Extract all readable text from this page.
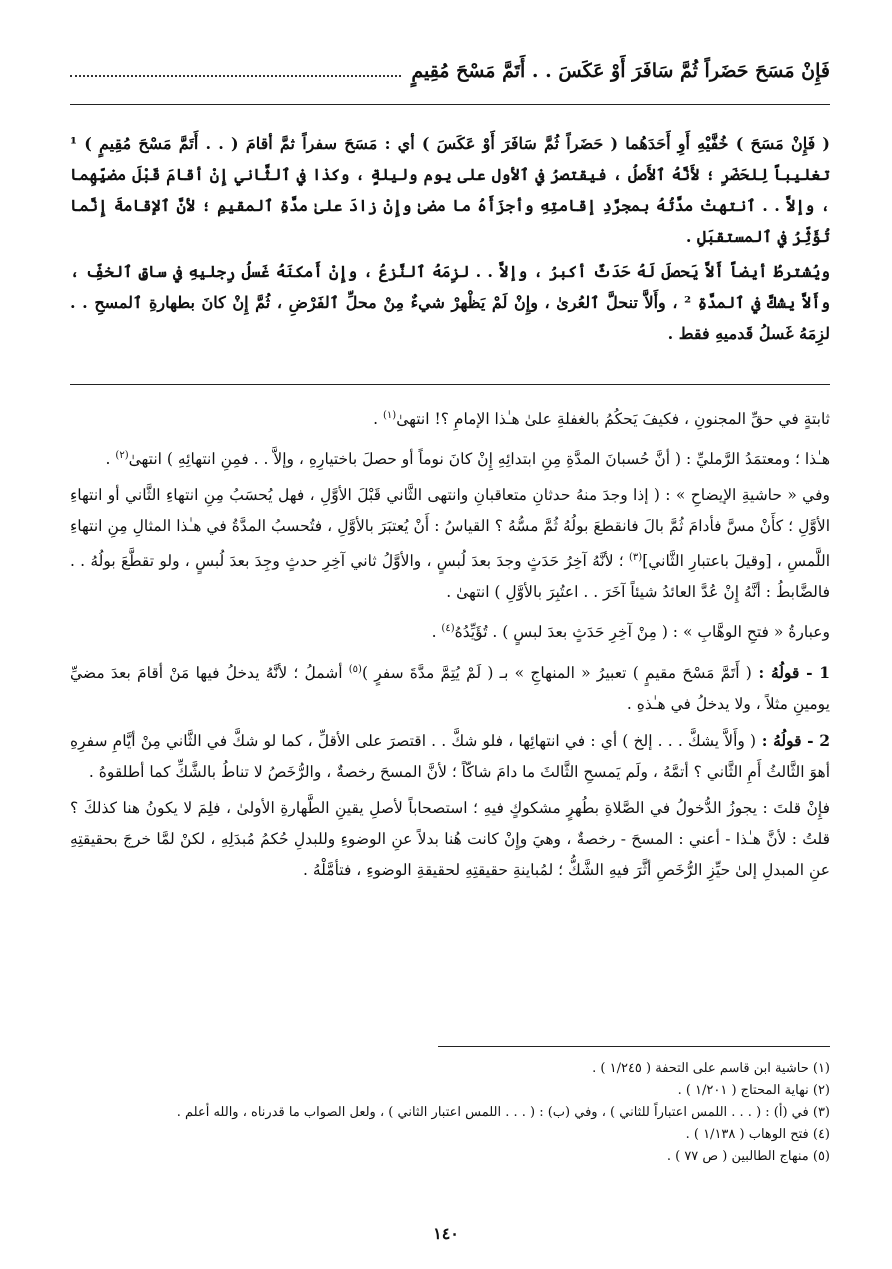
فَإِنْ مَسَحَ حَضَراً ثُمَّ سَافَرَ أَوْ عَكَسَ . . أَتَمَّ مَسْحَ مُقِيمٍ

( فَإِنْ مَسَحَ ) خُفَّيْهِ أَوِ أَحَدَهُما ( حَضَراً ثُمَّ سَافَرَ أَوْ عَكَسَ ) أي : مَسَحَ سفراً ثمَّ أقامَ ( . . أَتَمَّ مَسْحَ مُقِيمٍ ) ¹ تغليباً لِلحَضَرِ ؛ لأَنَّهُ ٱلأَصلُ ، فيقتصرُ في ٱلأول على يوم وليلةٍ ، وكذا في ٱلثَّاني إِنْ أقامَ قَبْلَ مضيِّهِما ، وإلاَّ . . ٱنتهتْ مدَّتُهُ بمجرَّدِ إقامتِهِ وأجزَأَهُ ما مضىٰ وإِنْ زادَ علىٰ مدَّةِ ٱلمقيمِ ؛ لأنَّ ٱلإقامةَ إِنَّما تُؤَثِّرُ في ٱلمستقبَلِ .

ويُشترطُ أيضاً أَلاَّ يَحصلَ لَهُ حَدَثٌ أكبرُ ، وإلاَّ . . لزِمَهُ ٱلنَّزعُ ، وإِنْ أَمكنَهُ غَسلُ رِجليهِ في ساقِ ٱلخفِّ ، وأَلاَّ يشكَّ في ٱلمدَّةِ ² ، وأَلاَّ تنحلَّ ٱلعُرىٰ ، وإِنْ لَمْ يَظْهرْ شيءٌ مِنْ محلِّ ٱلفَرْضِ ، ثُمَّ إِنْ كانَ بطهارةِ ٱلمسحِ . . لزِمَهُ غَسلُ قَدميهِ فقط .

ثابتةٍ في حقِّ المجنونِ ، فكيفَ يَحكُمُ بالغفلةِ علىٰ هـٰذا الإمامِ ؟! انتهىٰ$^{(١)}$ .

هـٰذا ؛ ومعتمَدُ الرَّمليِّ : ( أنَّ حُسبانَ المدَّةِ مِنِ ابتدائِهِ إِنْ كانَ نوماً أو حصلَ باختيارِهِ ، وإلاَّ . . فمِنِ انتهائِهِ ) انتهىٰ$^{(٢)}$ .

وفي « حاشيةِ الإيضاحِ » : ( إذا وجدَ منهُ حدثانِ متعاقبانِ وانتهى الثَّاني قَبْلَ الأوَّلِ ، فهل يُحسَبُ مِنِ انتهاءِ الثَّاني أو انتهاءِ الأوَّلِ ؛ كأَنْ مسَّ فأدامَ ثُمَّ بالَ فانقطعَ بولُهُ ثُمَّ مسُّهُ ؟ القياسُ : أَنْ يُعتبَرَ بالأوَّلِ ، فتُحسبُ المدَّةُ في هـٰذا المثالِ مِنِ انتهاءِ اللَّمسِ ، [وقيلَ باعتبارِ الثَّاني]$^{(٣)}$ ؛ لأنَّهُ آخِرُ حَدَثٍ وجدَ بعدَ لُبسٍ ، والأوَّلُ ثاني آخِرِ حدثٍ وجِدَ بعدَ لُبسٍ ، ولو تقطَّعَ بولُهُ . . فالضَّابطُ : أنَّهُ إِنْ عُدَّ العائدُ شيئاً آخَرَ . . اعتُبِرَ بالأوَّلِ ) انتهىٰ .

وعبارةُ « فتحِ الوهَّابِ » : ( مِنْ آخِرِ حَدَثٍ بعدَ لبسٍ ) . تُؤَيِّدُهُ$^{(٤)}$ .

1 - قولُهُ : ( أَتَمَّ مَسْحَ مقيمٍ ) تعبيرُ « المنهاجِ » بـ ( لَمْ يُتِمَّ مدَّةَ سفرٍ )$^{(٥)}$ أشملُ ؛ لأنَّهُ يدخلُ فيها مَنْ أقامَ بعدَ مضيِّ يومينِ مثلاً ، ولا يدخلُ في هـٰذهِ .

2 - قولُهُ : ( وأَلاَّ يشكَّ . . . إلخ ) أي : في انتهائِها ، فلو شكَّ . . اقتصرَ على الأقلِّ ، كما لو شكَّ في الثَّاني مِنْ أيَّامِ سفرِهِ أهوَ الثَّالثُ أَمِ الثَّاني ؟ أتمَّهُ ، ولَم يَمسحِ الثَّالثَ ما دامَ شاكّاً ؛ لأنَّ المسحَ رخصةٌ ، والرُّخَصُ لا تناطُ بالشَّكِّ كما أطلقوهُ .

فإِنْ قلتَ : يجوزُ الدُّخولُ في الصَّلاةِ بطُهرٍ مشكوكٍ فيهِ ؛ استصحاباً لأصلِ يقينِ الطَّهارةِ الأولىٰ ، فلِمَ لا يكونُ هنا كذلكَ ؟ قلتُ : لأنَّ هـٰذا - أعني : المسحَ - رخصةٌ ، وهيَ وإِنْ كانت هُنا بدلاً عنِ الوضوءِ وللبدلِ حُكمُ مُبدَلِهِ ، لكنْ لمَّا خرجَ بحقيقتِهِ عنِ المبدلِ إلىٰ حيِّزِ الرُّخَصِ أثَّرَ فيهِ الشَّكُّ ؛ لمُباينةِ حقيقتِهِ لحقيقةِ الوضوءِ ، فتأمَّلْهُ .

(١) حاشية ابن قاسم على التحفة ( ١/٢٤٥ ) .
(٢) نهاية المحتاج ( ١/٢٠١ ) .
(٣) في (أ) : ( . . . اللمس اعتباراً للثاني ) ، وفي (ب) : ( . . . اللمس اعتبار الثاني ) ، ولعل الصواب ما قدرناه ، والله أعلم .
(٤) فتح الوهاب ( ١/١٣٨ ) .
(٥) منهاج الطالبين ( ص ٧٧ ) .
١٤٠
